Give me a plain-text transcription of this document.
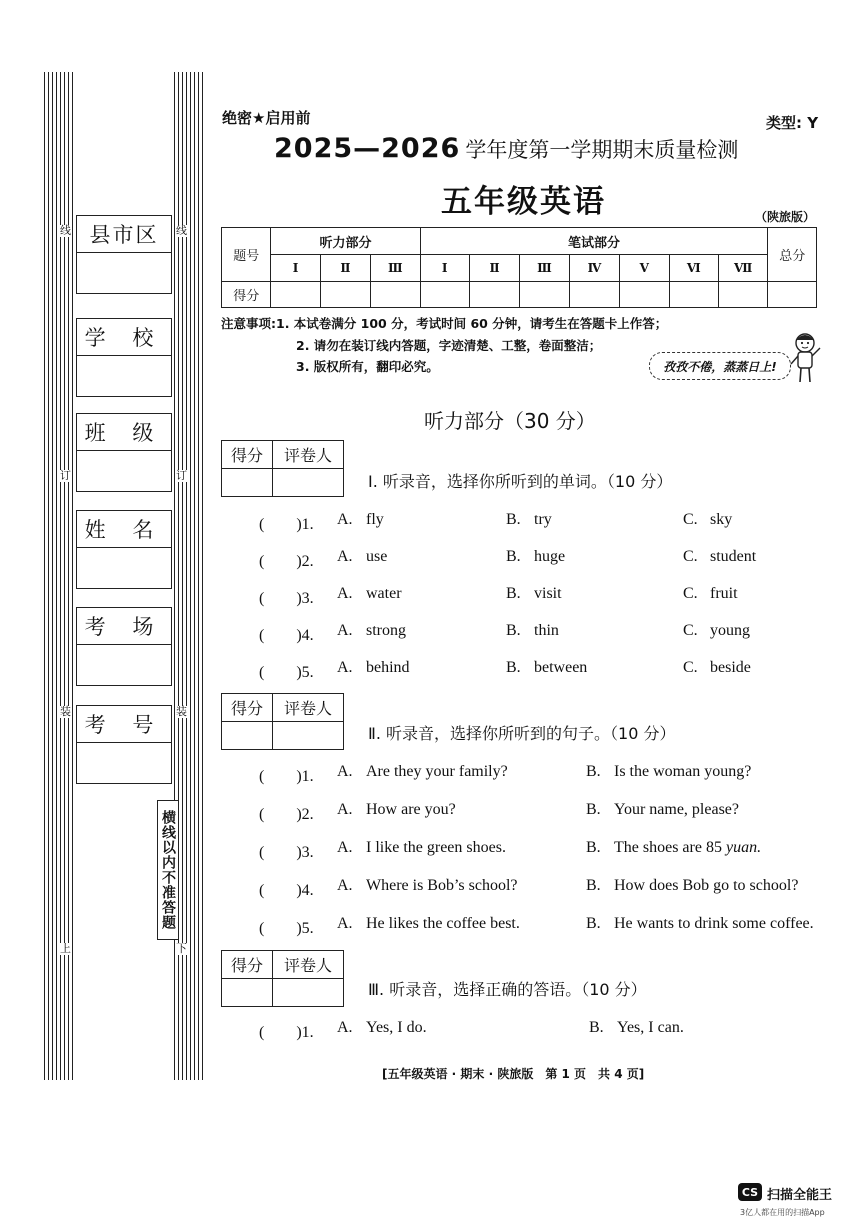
县市区
学 校
班 级
姓 名
考 场
考 号
线	线
订	订
装	装
上	下
横线以内不准答题
绝密★启用前	类型: Y
2025—2026 学年度第一学期期末质量检测
五年级英语	（陕旅版）
题号	听力部分			笔试部分							总分
	Ⅰ	Ⅱ	Ⅲ	Ⅰ	Ⅱ	Ⅲ	Ⅳ	Ⅴ	Ⅵ	Ⅶ	
得分											
注意事项:1. 本试卷满分 100 分，考试时间 60 分钟，请考生在答题卡上作答；
2. 请勿在装订线内答题，字迹清楚、工整，卷面整洁；
3. 版权所有，翻印必究。	孜孜不倦，蒸蒸日上!
听力部分（30 分）
得分	评卷人

Ⅰ. 听录音，选择你所听到的单词。（10 分）
(　　)1. A. fly	B. try	C. sky
(　　)2. A. use	B. huge	C. student
(　　)3. A. water	B. visit	C. fruit
(　　)4. A. strong	B. thin	C. young
(　　)5. A. behind	B. between	C. beside
得分	评卷人

Ⅱ. 听录音，选择你所听到的句子。（10 分）
(　　)1. A. Are they your family?	B. Is the woman young?
(　　)2. A. How are you?	B. Your name, please?
(　　)3. A. I like the green shoes.	B. The shoes are 85 yuan.
(　　)4. A. Where is Bob’s school?	B. How does Bob go to school?
(　　)5. A. He likes the coffee best.	B. He wants to drink some coffee.
得分	评卷人

Ⅲ. 听录音，选择正确的答语。（10 分）
(　　)1. A. Yes, I do.	B. Yes, I can.
[五年级英语 · 期末 · 陕旅版　第 1 页　共 4 页]
CS 扫描全能王
3亿人都在用的扫描App
